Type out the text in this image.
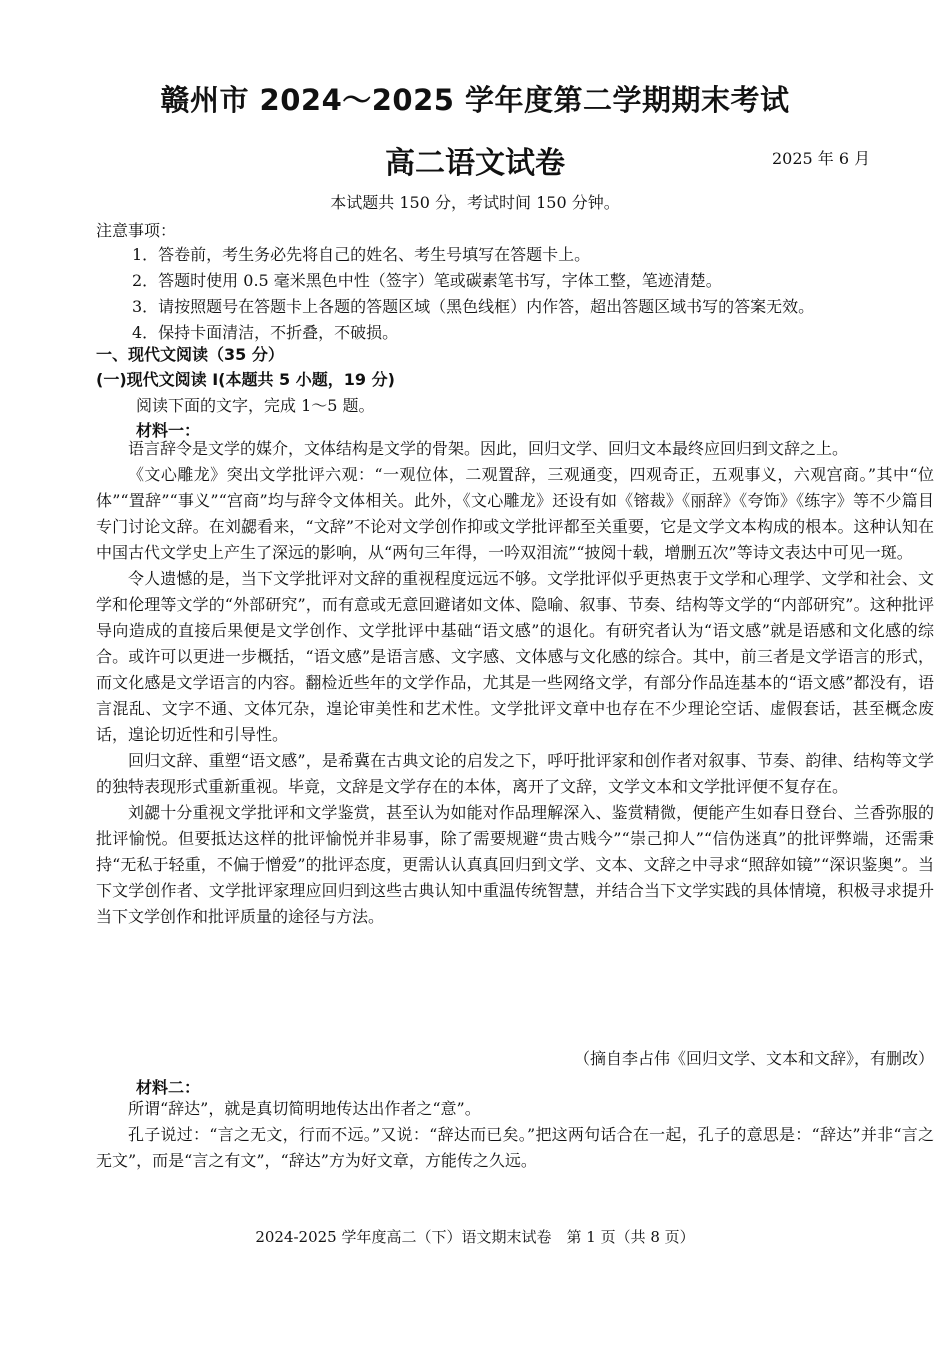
赣州市 2024～2025 学年度第二学期期末考试
高二语文试卷	2025 年 6 月
本试题共 150 分，考试时间 150 分钟。
注意事项：
1．答卷前，考生务必先将自己的姓名、考生号填写在答题卡上。
2．答题时使用 0.5 毫米黑色中性（签字）笔或碳素笔书写，字体工整，笔迹清楚。
3．请按照题号在答题卡上各题的答题区域（黑色线框）内作答，超出答题区域书写的答案无效。
4．保持卡面清洁，不折叠，不破损。
一、现代文阅读（35 分）
(一)现代文阅读 I(本题共 5 小题，19 分)
阅读下面的文字，完成 1～5 题。
材料一：

语言辞令是文学的媒介，文体结构是文学的骨架。因此，回归文学、回归文本最终应回归到文辞之上。

《文心雕龙》突出文学批评六观：“一观位体，二观置辞，三观通变，四观奇正，五观事义，六观宫商。”其中“位体”“置辞”“事义”“宫商”均与辞令文体相关。此外，《文心雕龙》还设有如《镕裁》《丽辞》《夸饰》《练字》等不少篇目专门讨论文辞。在刘勰看来，“文辞”不论对文学创作抑或文学批评都至关重要，它是文学文本构成的根本。这种认知在中国古代文学史上产生了深远的影响，从“两句三年得，一吟双泪流”“披阅十载，增删五次”等诗文表达中可见一斑。

令人遗憾的是，当下文学批评对文辞的重视程度远远不够。文学批评似乎更热衷于文学和心理学、文学和社会、文学和伦理等文学的“外部研究”，而有意或无意回避诸如文体、隐喻、叙事、节奏、结构等文学的“内部研究”。这种批评导向造成的直接后果便是文学创作、文学批评中基础“语文感”的退化。有研究者认为“语文感”就是语感和文化感的综合。或许可以更进一步概括，“语文感”是语言感、文字感、文体感与文化感的综合。其中，前三者是文学语言的形式，而文化感是文学语言的内容。翻检近些年的文学作品，尤其是一些网络文学，有部分作品连基本的“语文感”都没有，语言混乱、文字不通、文体冗杂，遑论审美性和艺术性。文学批评文章中也存在不少理论空话、虚假套话，甚至概念废话，遑论切近性和引导性。

回归文辞、重塑“语文感”，是希冀在古典文论的启发之下，呼吁批评家和创作者对叙事、节奏、韵律、结构等文学的独特表现形式重新重视。毕竟，文辞是文学存在的本体，离开了文辞，文学文本和文学批评便不复存在。

刘勰十分重视文学批评和文学鉴赏，甚至认为如能对作品理解深入、鉴赏精微，便能产生如春日登台、兰香弥服的批评愉悦。但要抵达这样的批评愉悦并非易事，除了需要规避“贵古贱今”“崇己抑人”“信伪迷真”的批评弊端，还需秉持“无私于轻重，不偏于憎爱”的批评态度，更需认认真真回归到文学、文本、文辞之中寻求“照辞如镜”“深识鉴奥”。当下文学创作者、文学批评家理应回归到这些古典认知中重温传统智慧，并结合当下文学实践的具体情境，积极寻求提升当下文学创作和批评质量的途径与方法。

（摘自李占伟《回归文学、文本和文辞》，有删改）
材料二：

所谓“辞达”，就是真切简明地传达出作者之“意”。

孔子说过：“言之无文，行而不远。”又说：“辞达而已矣。”把这两句话合在一起，孔子的意思是：“辞达”并非“言之无文”，而是“言之有文”，“辞达”方为好文章，方能传之久远。

2024-2025 学年度高二（下）语文期末试卷　第 1 页（共 8 页）
